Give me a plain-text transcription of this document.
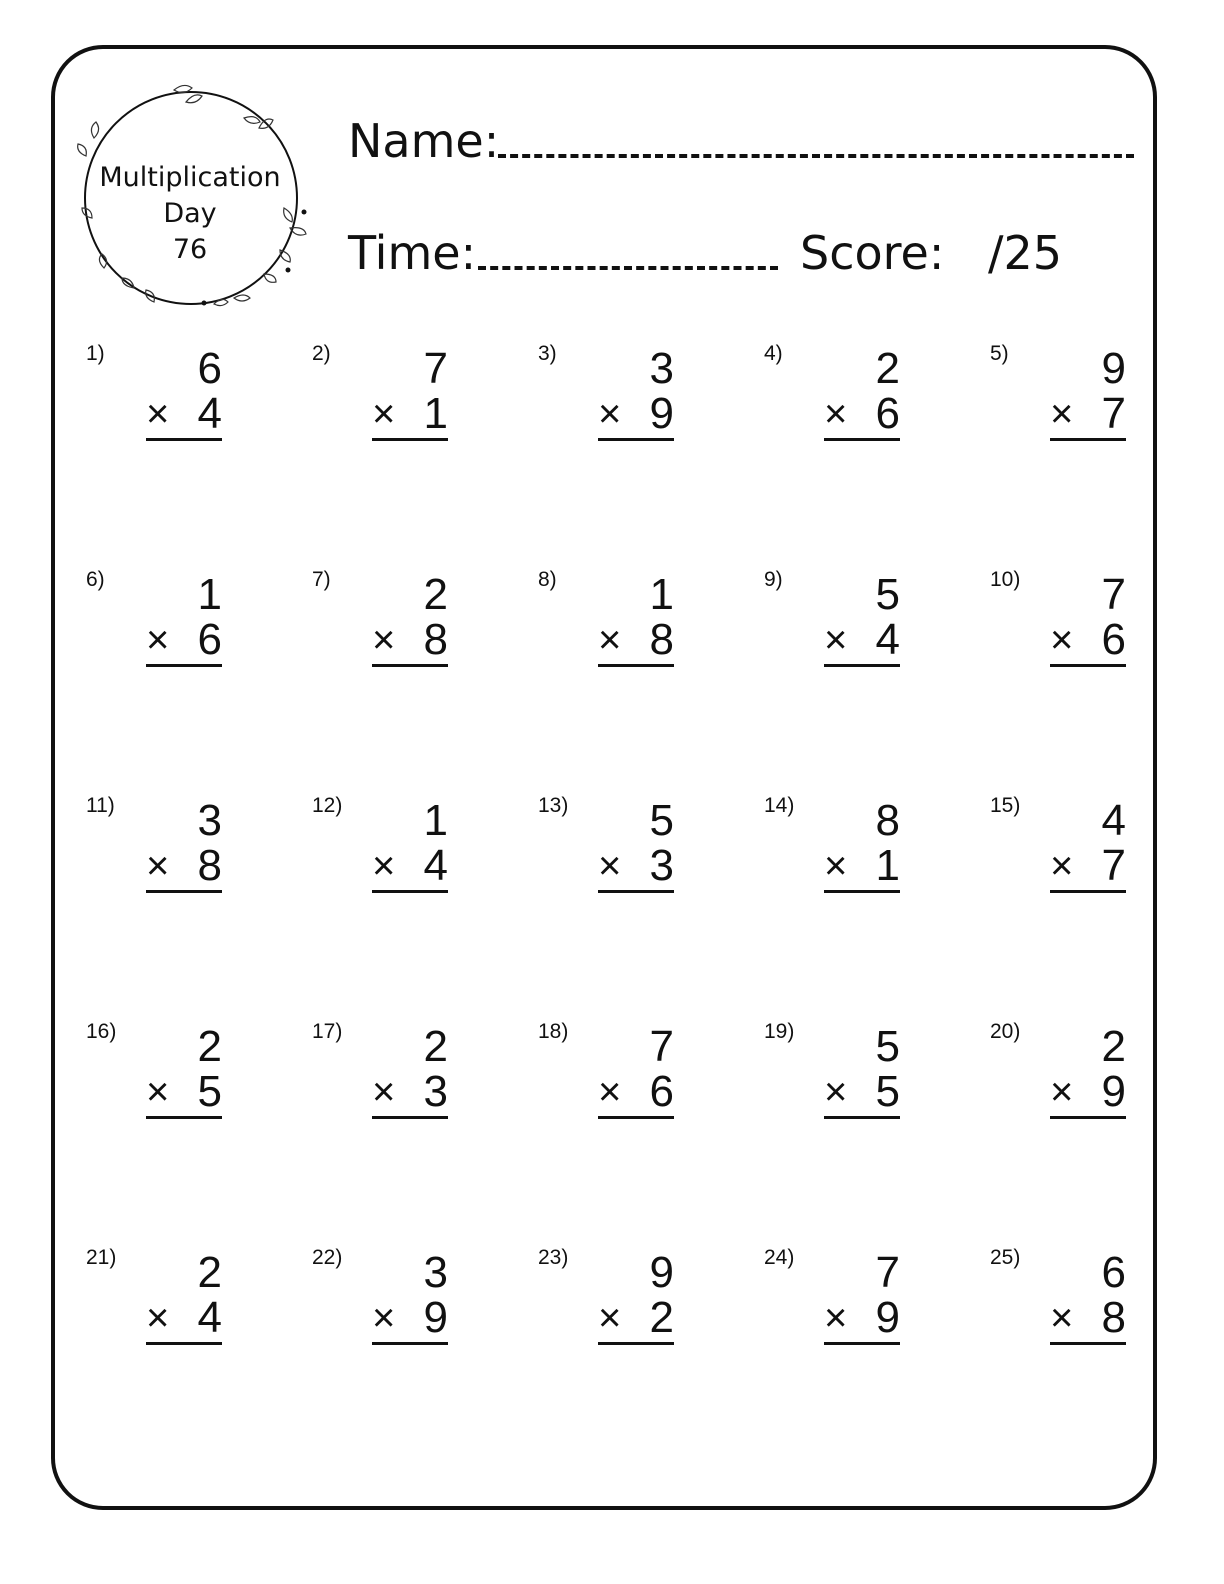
Multiplication
Day
76
Name:
Time:	Score: /25
1) 6
× 4
2) 7
× 1
3) 3
× 9
4) 2
× 6
5) 9
× 7
6) 1
× 6
7) 2
× 8
8) 1
× 8
9) 5
× 4
10) 7
× 6
11) 3
× 8
12) 1
× 4
13) 5
× 3
14) 8
× 1
15) 4
× 7
16) 2
× 5
17) 2
× 3
18) 7
× 6
19) 5
× 5
20) 2
× 9
21) 2
× 4
22) 3
× 9
23) 9
× 2
24) 7
× 9
25) 6
× 8
